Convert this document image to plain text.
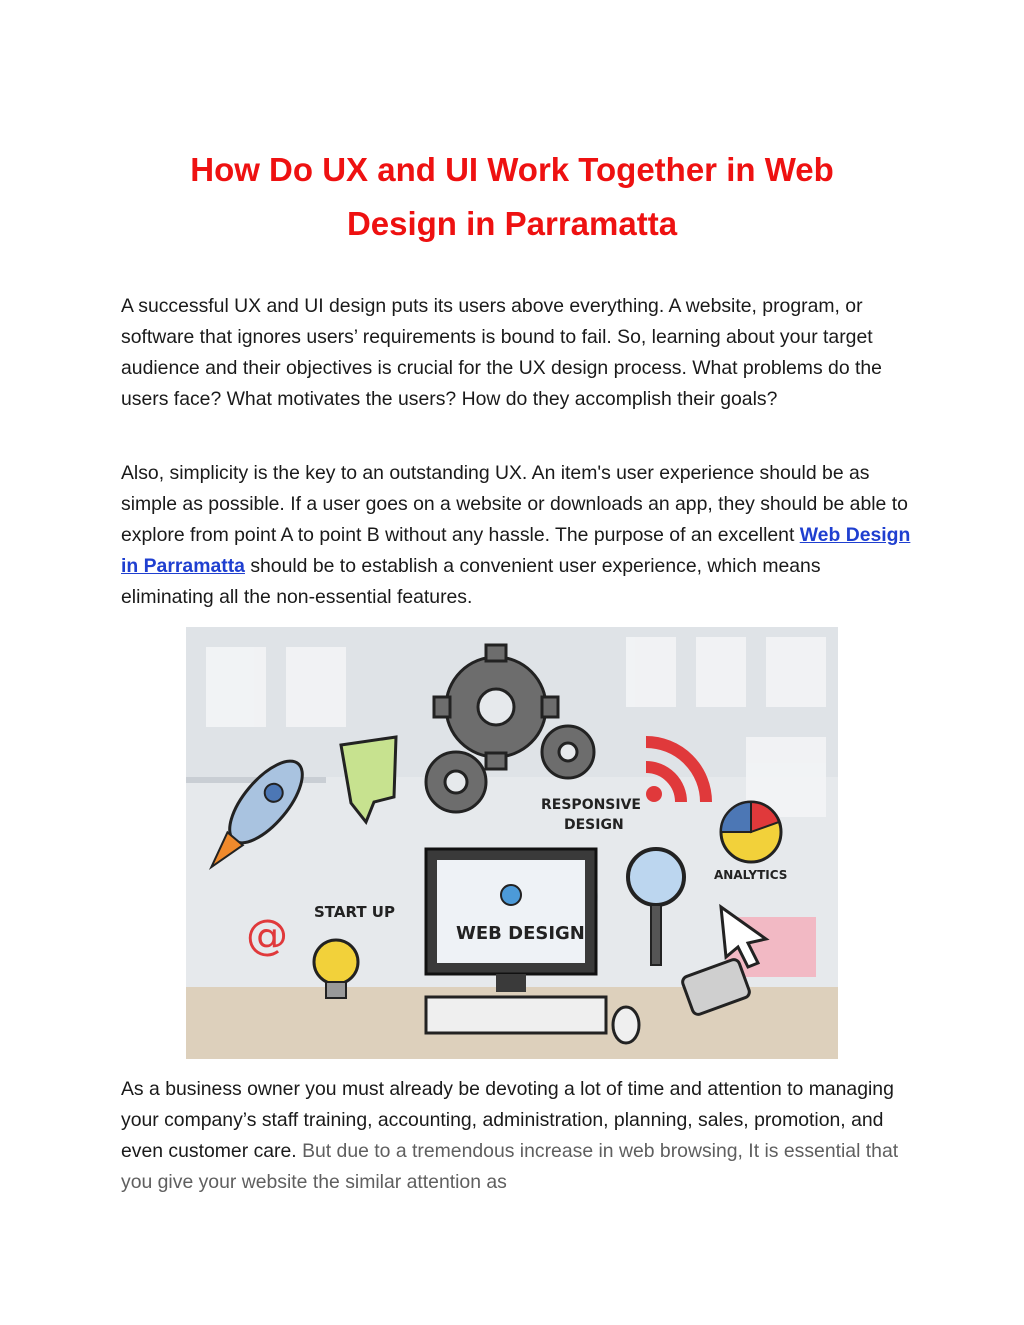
How Do UX and UI Work Together in Web
Design in Parramatta

A successful UX and UI design puts its users above everything. A website, program, or software that ignores users’ requirements is bound to fail. So, learning about your target audience and their objectives is crucial for the UX design process. What problems do the users face? What motivates the users? How do they accomplish their goals?

Also, simplicity is the key to an outstanding UX. An item's user experience should be as simple as possible. If a user goes on a website or downloads an app, they should be able to explore from point A to point B without any hassle. The purpose of an excellent Web Design in Parramatta should be to establish a convenient user experience, which means eliminating all the non-essential features.

RESPONSIVE
DESIGN
WEB DESIGN
ANALYTICS
START UP
@

As a business owner you must already be devoting a lot of time and attention to managing your company’s staff training, accounting, administration, planning, sales, promotion, and even customer care. But due to a tremendous increase in web browsing, It is essential that you give your website the similar attention as
